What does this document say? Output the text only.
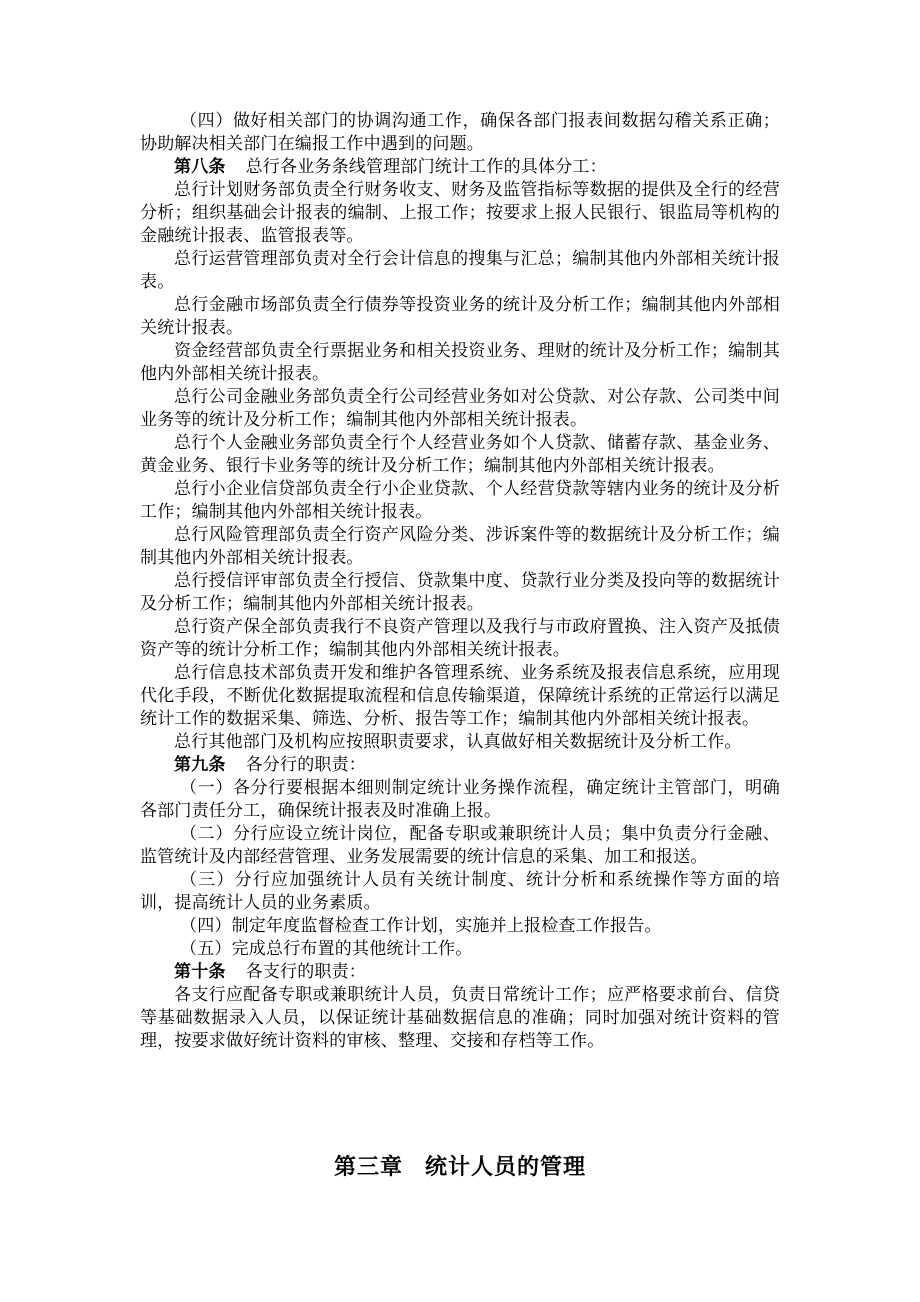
（四）做好相关部门的协调沟通工作，确保各部门报表间数据勾稽关系正确；协助解决相关部门在编报工作中遇到的问题。

第八条 总行各业务条线管理部门统计工作的具体分工：

总行计划财务部负责全行财务收支、财务及监管指标等数据的提供及全行的经营分析；组织基础会计报表的编制、上报工作；按要求上报人民银行、银监局等机构的金融统计报表、监管报表等。

总行运营管理部负责对全行会计信息的搜集与汇总；编制其他内外部相关统计报表。

总行金融市场部负责全行债券等投资业务的统计及分析工作；编制其他内外部相关统计报表。

资金经营部负责全行票据业务和相关投资业务、理财的统计及分析工作；编制其他内外部相关统计报表。

总行公司金融业务部负责全行公司经营业务如对公贷款、对公存款、公司类中间业务等的统计及分析工作；编制其他内外部相关统计报表。

总行个人金融业务部负责全行个人经营业务如个人贷款、储蓄存款、基金业务、黄金业务、银行卡业务等的统计及分析工作；编制其他内外部相关统计报表。

总行小企业信贷部负责全行小企业贷款、个人经营贷款等辖内业务的统计及分析工作；编制其他内外部相关统计报表。

总行风险管理部负责全行资产风险分类、涉诉案件等的数据统计及分析工作；编制其他内外部相关统计报表。

总行授信评审部负责全行授信、贷款集中度、贷款行业分类及投向等的数据统计及分析工作；编制其他内外部相关统计报表。

总行资产保全部负责我行不良资产管理以及我行与市政府置换、注入资产及抵债资产等的统计分析工作；编制其他内外部相关统计报表。

总行信息技术部负责开发和维护各管理系统、业务系统及报表信息系统，应用现代化手段，不断优化数据提取流程和信息传输渠道，保障统计系统的正常运行以满足统计工作的数据采集、筛选、分析、报告等工作；编制其他内外部相关统计报表。

总行其他部门及机构应按照职责要求，认真做好相关数据统计及分析工作。

第九条 各分行的职责：

（一）各分行要根据本细则制定统计业务操作流程，确定统计主管部门，明确各部门责任分工，确保统计报表及时准确上报。

（二）分行应设立统计岗位，配备专职或兼职统计人员；集中负责分行金融、监管统计及内部经营管理、业务发展需要的统计信息的采集、加工和报送。

（三）分行应加强统计人员有关统计制度、统计分析和系统操作等方面的培训，提高统计人员的业务素质。

（四）制定年度监督检查工作计划，实施并上报检查工作报告。

（五）完成总行布置的其他统计工作。

第十条 各支行的职责：

各支行应配备专职或兼职统计人员，负责日常统计工作；应严格要求前台、信贷等基础数据录入人员，以保证统计基础数据信息的准确；同时加强对统计资料的管理，按要求做好统计资料的审核、整理、交接和存档等工作。

第三章 统计人员的管理
